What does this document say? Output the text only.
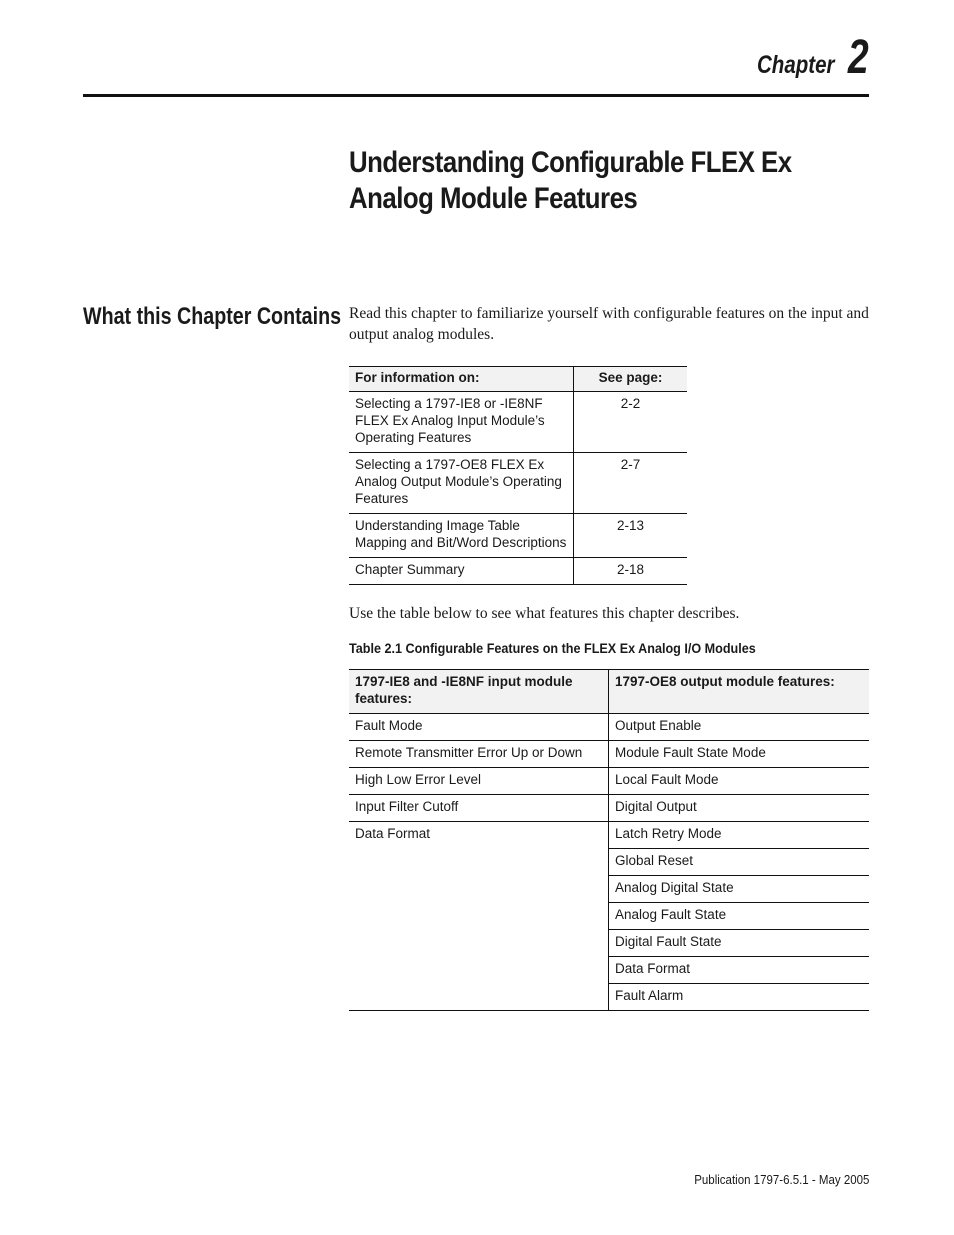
Chapter 2
Understanding Configurable FLEX Ex
Analog Module Features
What this Chapter Contains Read this chapter to familiarize yourself with configurable features on the input and output analog modules.
For information on:	See page:
Selecting a 1797-IE8 or -IE8NF FLEX Ex Analog Input Module’s Operating Features	2-2
Selecting a 1797-OE8 FLEX Ex Analog Output Module’s Operating Features	2-7
Understanding Image Table Mapping and Bit/Word Descriptions	2-13
Chapter Summary	2-18
Use the table below to see what features this chapter describes.
Table 2.1 Configurable Features on the FLEX Ex Analog I/O Modules
1797-IE8 and -IE8NF input module features:	1797-OE8 output module features:
Fault Mode	Output Enable
Remote Transmitter Error Up or Down	Module Fault State Mode
High Low Error Level	Local Fault Mode
Input Filter Cutoff	Digital Output
Data Format	Latch Retry Mode
	Global Reset
	Analog Digital State
	Analog Fault State
	Digital Fault State
	Data Format
	Fault Alarm
Publication 1797-6.5.1 - May 2005
